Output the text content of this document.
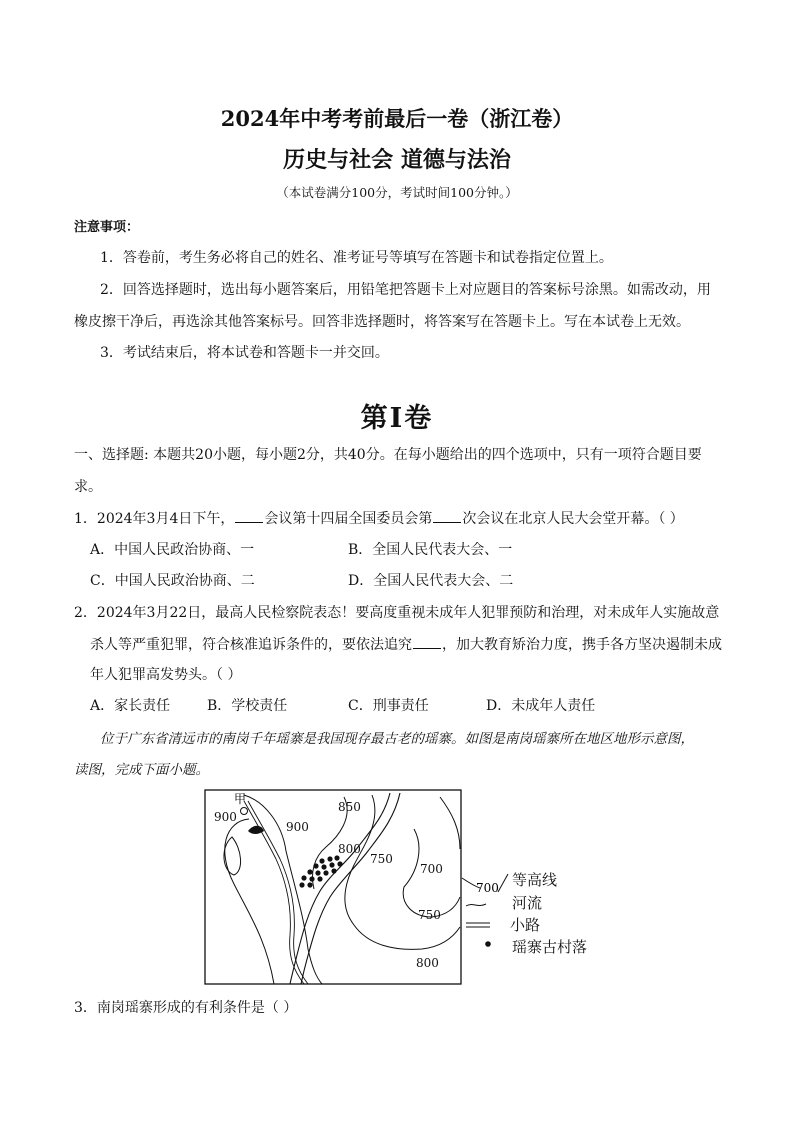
2024年中考考前最后一卷（浙江卷）
历史与社会 道德与法治
（本试卷满分100分，考试时间100分钟。）
注意事项：
1．答卷前，考生务必将自己的姓名、准考证号等填写在答题卡和试卷指定位置上。
2．回答选择题时，选出每小题答案后，用铅笔把答题卡上对应题目的答案标号涂黑。如需改动，用
橡皮擦干净后，再选涂其他答案标号。回答非选择题时，将答案写在答题卡上。写在本试卷上无效。
3．考试结束后，将本试卷和答题卡一并交回。
第I卷
一、选择题: 本题共20小题，每小题2分，共40分。在每小题给出的四个选项中，只有一项符合题目要
求。
1．2024年3月4日下午， 会议第十四届全国委员会第 次会议在北京人民大会堂开幕。（ ）
A．中国人民政治协商、一	B．全国人民代表大会、一
C．中国人民政治协商、二	D．全国人民代表大会、二
2．2024年3月22日，最高人民检察院表态！要高度重视未成年人犯罪预防和治理，对未成年人实施故意
杀人等严重犯罪，符合核准追诉条件的，要依法追究 ，加大教育矫治力度，携手各方坚决遏制未成
年人犯罪高发势头。（ ）
A．家长责任	B．学校责任	C．刑事责任	D．未成年人责任
位于广东省清远市的南岗千年瑶寨是我国现存最古老的瑶寨。如图是南岗瑶寨所在地区地形示意图，
读图，完成下面小题。
甲
900
900
850
800
750
700
750
800
700 等高线
河流
小路
瑶寨古村落
3．南岗瑶寨形成的有利条件是（ ）
